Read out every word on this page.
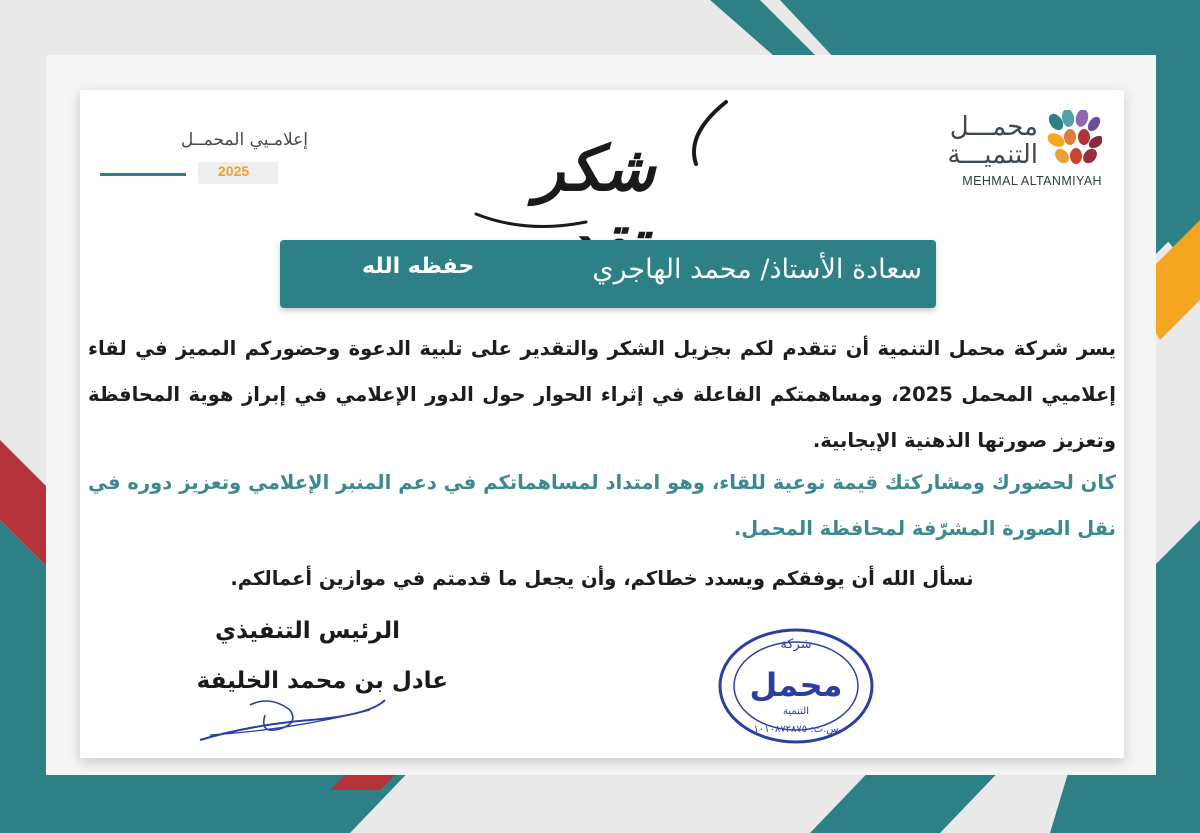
محمـــل
التنميـــة
MEHMAL ALTANMIYAH
إعلامـيي المحمــل
2025	شكر
سعادة الأستاذ/ محمد الهاجري
حفظه الله
يسر شركة محمل التنمية أن تتقدم لكم بجزيل الشكر والتقدير على تلبية الدعوة وحضوركم المميز في لقاء إعلاميي المحمل 2025، ومساهمتكم الفاعلة في إثراء الحوار حول الدور الإعلامي في إبراز هوية المحافظة وتعزيز صورتها الذهنية الإيجابية.
كان لحضورك ومشاركتك قيمة نوعية للقاء، وهو امتداد لمساهماتكم في دعم المنبر الإعلامي وتعزيز دوره في نقل الصورة المشرّفة لمحافظة المحمل.
نسأل الله أن يوفقكم ويسدد خطاكم، وأن يجعل ما قدمتم في موازين أعمالكم.
الرئيس التنفيذي
عادل بن محمد الخليفة
شركة
محمل
التنمية
س.ت: ١٠١٠٨٧٢٨٧٥
